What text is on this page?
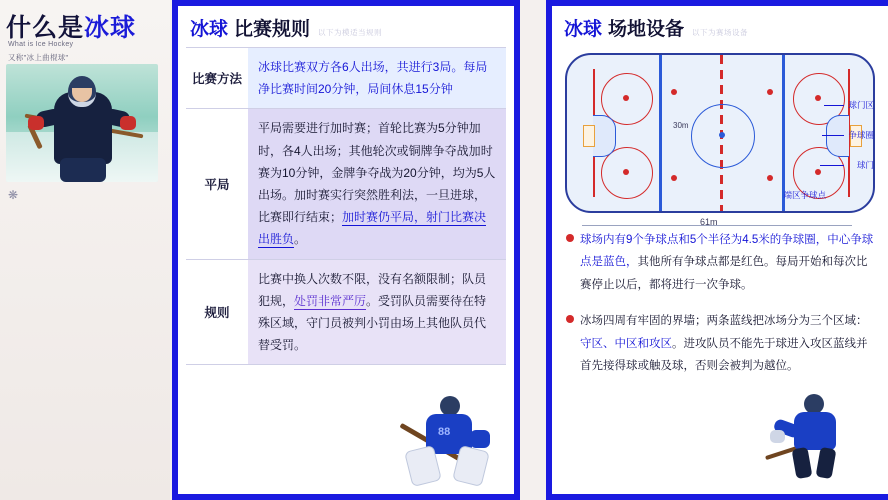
什么是冰球
What is Ice Hockey
又称"冰上曲棍球"
❋
冰球 比赛规则 以下为模适当规则
比赛方法
冰球比赛双方各6人出场，共进行3局。每局净比赛时间20分钟，局间休息15分钟
平局
平局需要进行加时赛；首轮比赛为5分钟加时，各4人出场；其他轮次或铜牌争夺战加时赛为10分钟，金牌争夺战为20分钟，均为5人出场。加时赛实行突然胜利法，一旦进球，比赛即行结束；加时赛仍平局，射门比赛决出胜负。
规则
比赛中换人次数不限，没有名额限制；队员犯规，处罚非常严厉。受罚队员需要待在特殊区域，守门员被判小罚由场上其他队员代替受罚。
88
冰球 场地设备 以下为赛场设备
30m
61m
球门区
争球圈
球门
端区争球点
球场内有9个争球点和5个半径为4.5米的争球圈，中心争球点是蓝色，其他所有争球点都是红色。每局开始和每次比赛停止以后，都将进行一次争球。
冰场四周有牢固的界墙；两条蓝线把冰场分为三个区域：守区、中区和攻区。进攻队员不能先于球进入攻区蓝线并首先接得球或触及球，否则会被判为越位。
